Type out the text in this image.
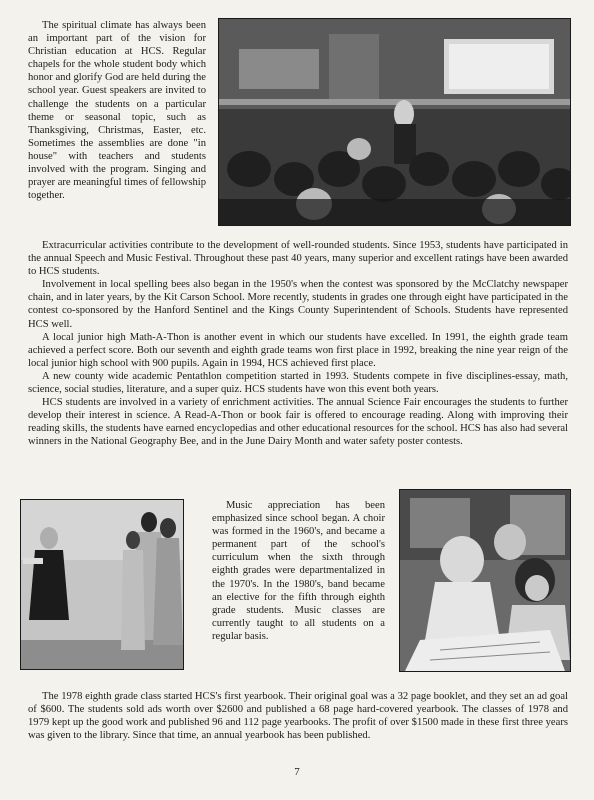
The spiritual climate has always been an important part of the vision for Christian education at HCS. Regular chapels for the whole student body which honor and glorify God are held during the school year. Guest speakers are invited to challenge the students on a particular theme or seasonal topic, such as Thanksgiving, Christmas, Easter, etc. Sometimes the assemblies are done "in house" with teachers and students involved with the program. Singing and prayer are meaningful times of fellowship together.

Extracurricular activities contribute to the development of well-rounded students. Since 1953, students have participated in the annual Speech and Music Festival. Throughout these past 40 years, many superior and excellent ratings have been awarded to HCS students.

Involvement in local spelling bees also began in the 1950's when the contest was sponsored by the McClatchy newspaper chain, and in later years, by the Kit Carson School. More recently, students in grades one through eight have participated in the contest co-sponsored by the Hanford Sentinel and the Kings County Superintendent of Schools. Students have represented HCS well.

A local junior high Math-A-Thon is another event in which our students have excelled. In 1991, the eighth grade team achieved a perfect score. Both our seventh and eighth grade teams won first place in 1992, breaking the nine year reign of the local junior high school with 900 pupils. Again in 1994, HCS achieved first place.

A new county wide academic Pentathlon competition started in 1993. Students compete in five disciplines-essay, math, science, social studies, literature, and a super quiz. HCS students have won this event both years.

HCS students are involved in a variety of enrichment activities. The annual Science Fair encourages the students to further develop their interest in science. A Read-A-Thon or book fair is offered to encourage reading. Along with improving their reading skills, the students have earned encyclopedias and other educational resources for the school. HCS has also had several winners in the National Geography Bee, and in the June Dairy Month and water safety poster contests.

Music appreciation has been emphasized since school began. A choir was formed in the 1960's, and became a permanent part of the school's curriculum when the sixth through eighth grades were departmentalized in the 1970's. In the 1980's, band became an elective for the fifth through eighth grade students. Music classes are currently taught to all students on a regular basis.

The 1978 eighth grade class started HCS's first yearbook. Their original goal was a 32 page booklet, and they set an ad goal of $600. The students sold ads worth over $2600 and published a 68 page hard-covered yearbook. The classes of 1978 and 1979 kept up the good work and published 96 and 112 page yearbooks. The profit of over $1500 made in these first three years was given to the library. Since that time, an annual yearbook has been published.

7
